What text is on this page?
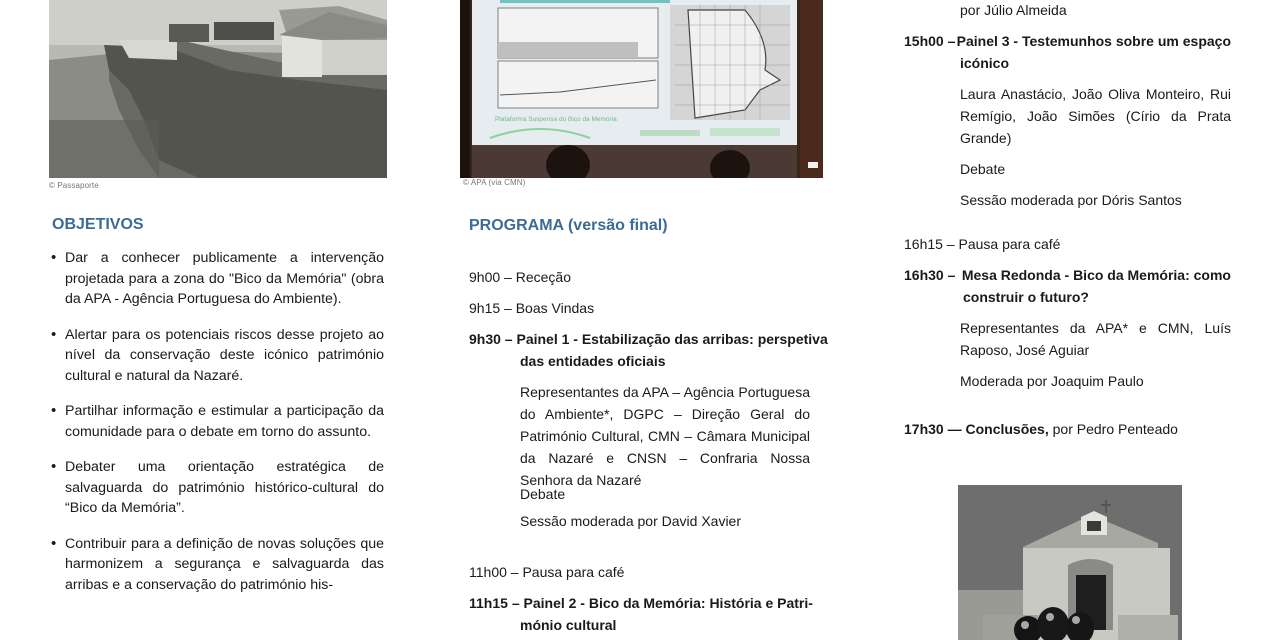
© Passaporte
Plataforma Suspensa do Bico da Memória
© APA (via CMN)
OBJETIVOS
• Dar a conhecer publicamente a intervenção projetada para a zona do "Bico da Memória" (obra da APA - Agência Portuguesa do Ambiente).
• Alertar para os potenciais riscos desse projeto ao nível da conservação deste icónico património cultural e natural da Nazaré.
• Partilhar informação e estimular a participação da comunidade para o debate em torno do assunto.
• Debater uma orientação estratégica de salvaguarda do património histórico-cultural do “Bico da Memória”.
• Contribuir para a definição de novas soluções que harmonizem a segurança e salvaguarda das arribas e a conservação do património his-
PROGRAMA (versão final)
9h00 – Receção
9h15 – Boas Vindas
9h30 – Painel 1 - Estabilização das arribas: perspetiva
das entidades oficiais
Representantes da APA – Agência Portuguesa do Ambiente*, DGPC – Direção Geral do Património Cultural, CMN – Câmara Municipal da Nazaré e CNSN – Confraria Nossa Senhora da Nazaré
Debate
Sessão moderada por David Xavier
11h00 – Pausa para café
11h15 – Painel 2 - Bico da Memória: História e Patri-
mónio cultural
por Júlio Almeida
15h00 – Painel 3 - Testemunhos sobre um espaço
icónico
Laura Anastácio, João Oliva Monteiro, Rui Remígio, João Simões (Círio da Prata Grande)
Debate
Sessão moderada por Dóris Santos
16h15 – Pausa para café
16h30 – Mesa Redonda - Bico da Memória: como
construir o futuro?
Representantes da APA* e CMN, Luís Raposo, José Aguiar
Moderada por Joaquim Paulo
17h30 — Conclusões, por Pedro Penteado
